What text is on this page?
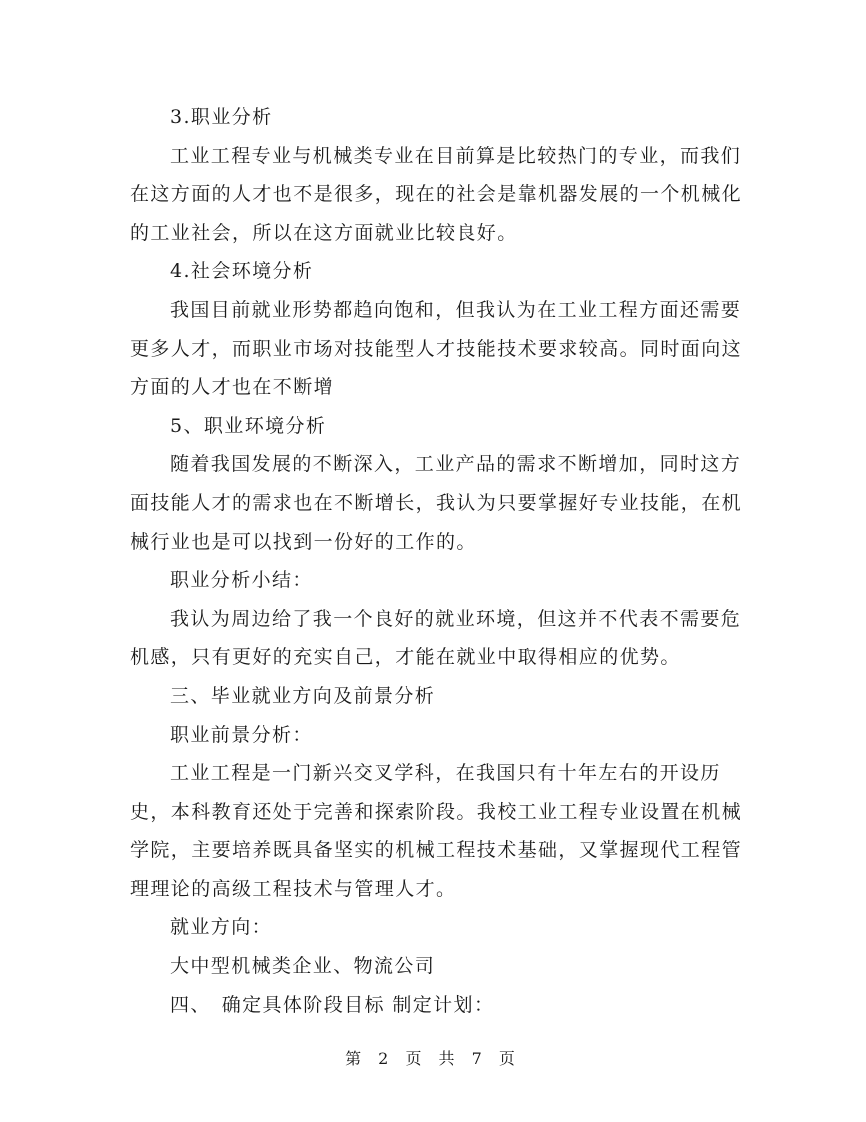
3.职业分析
工业工程专业与机械类专业在目前算是比较热门的专业，而我们
在这方面的人才也不是很多，现在的社会是靠机器发展的一个机械化
的工业社会，所以在这方面就业比较良好。
4.社会环境分析
我国目前就业形势都趋向饱和，但我认为在工业工程方面还需要
更多人才，而职业市场对技能型人才技能技术要求较高。同时面向这
方面的人才也在不断增
5、职业环境分析
随着我国发展的不断深入，工业产品的需求不断增加，同时这方
面技能人才的需求也在不断增长，我认为只要掌握好专业技能，在机
械行业也是可以找到一份好的工作的。
职业分析小结：
我认为周边给了我一个良好的就业环境，但这并不代表不需要危
机感，只有更好的充实自己，才能在就业中取得相应的优势。
三、毕业就业方向及前景分析
职业前景分析：
工业工程是一门新兴交叉学科，在我国只有十年左右的开设历
史，本科教育还处于完善和探索阶段。我校工业工程专业设置在机械
学院，主要培养既具备坚实的机械工程技术基础，又掌握现代工程管
理理论的高级工程技术与管理人才。
就业方向：
大中型机械类企业、物流公司
四、　确定具体阶段目标 制定计划：
第 2 页 共 7 页
